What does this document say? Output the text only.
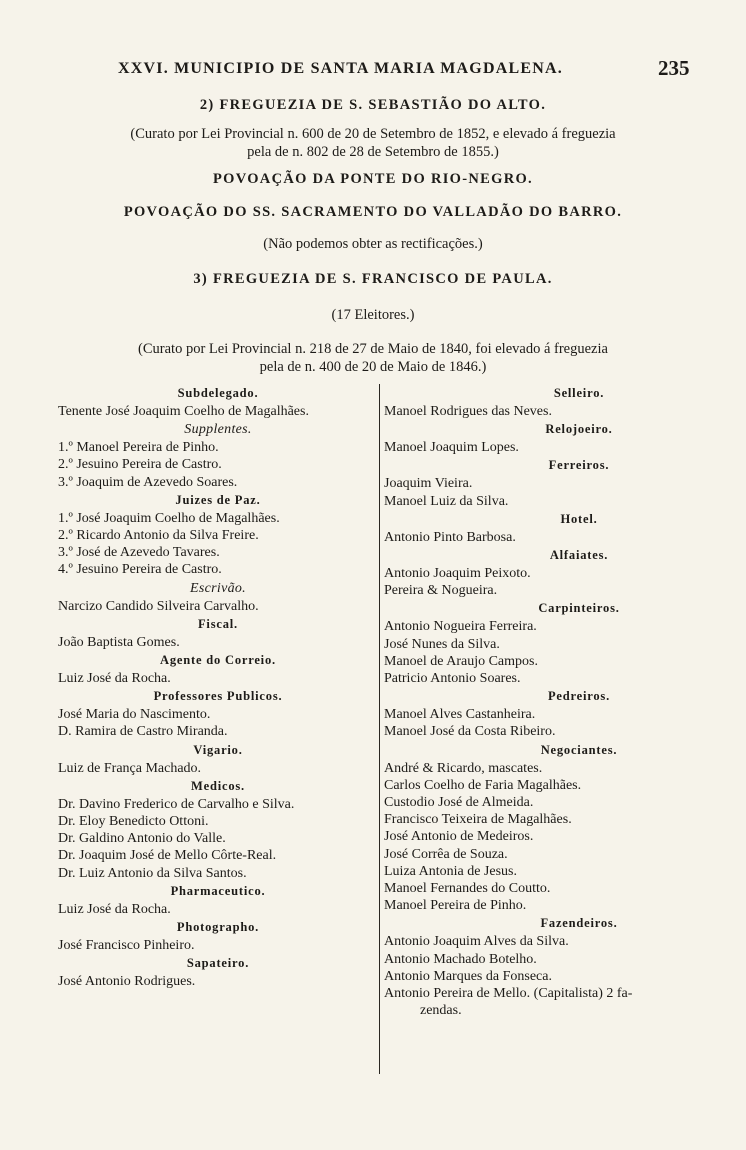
XXVI. MUNICIPIO DE SANTA MARIA MAGDALENA.	235
2) FREGUEZIA DE S. SEBASTIÃO DO ALTO.
(Curato por Lei Provincial n. 600 de 20 de Setembro de 1852, e elevado á freguezia
pela de n. 802 de 28 de Setembro de 1855.)
POVOAÇÃO DA PONTE DO RIO-NEGRO.
POVOAÇÃO DO SS. SACRAMENTO DO VALLADÃO DO BARRO.
(Não podemos obter as rectificações.)
3) FREGUEZIA DE S. FRANCISCO DE PAULA.
(17 Eleitores.)
(Curato por Lei Provincial n. 218 de 27 de Maio de 1840, foi elevado á freguezia
pela de n. 400 de 20 de Maio de 1846.)
Subdelegado.
Tenente José Joaquim Coelho de Magalhães.
Supplentes.
1.º Manoel Pereira de Pinho.
2.º Jesuino Pereira de Castro.
3.º Joaquim de Azevedo Soares.
Juizes de Paz.
1.º José Joaquim Coelho de Magalhães.
2.º Ricardo Antonio da Silva Freire.
3.º José de Azevedo Tavares.
4.º Jesuino Pereira de Castro.
Escrivão.
Narcizo Candido Silveira Carvalho.
Fiscal.
João Baptista Gomes.
Agente do Correio.
Luiz José da Rocha.
Professores Publicos.
José Maria do Nascimento.
D. Ramira de Castro Miranda.
Vigario.
Luiz de França Machado.
Medicos.
Dr. Davino Frederico de Carvalho e Silva.
Dr. Eloy Benedicto Ottoni.
Dr. Galdino Antonio do Valle.
Dr. Joaquim José de Mello Côrte-Real.
Dr. Luiz Antonio da Silva Santos.
Pharmaceutico.
Luiz José da Rocha.
Photographo.
José Francisco Pinheiro.
Sapateiro.
José Antonio Rodrigues.
Selleiro.
Manoel Rodrigues das Neves.
Relojoeiro.
Manoel Joaquim Lopes.
Ferreiros.
Joaquim Vieira.
Manoel Luiz da Silva.
Hotel.
Antonio Pinto Barbosa.
Alfaiates.
Antonio Joaquim Peixoto.
Pereira & Nogueira.
Carpinteiros.
Antonio Nogueira Ferreira.
José Nunes da Silva.
Manoel de Araujo Campos.
Patricio Antonio Soares.
Pedreiros.
Manoel Alves Castanheira.
Manoel José da Costa Ribeiro.
Negociantes.
André & Ricardo, mascates.
Carlos Coelho de Faria Magalhães.
Custodio José de Almeida.
Francisco Teixeira de Magalhães.
José Antonio de Medeiros.
José Corrêa de Souza.
Luiza Antonia de Jesus.
Manoel Fernandes do Coutto.
Manoel Pereira de Pinho.
Fazendeiros.
Antonio Joaquim Alves da Silva.
Antonio Machado Botelho.
Antonio Marques da Fonseca.
Antonio Pereira de Mello. (Capitalista) 2 fa-
zendas.
